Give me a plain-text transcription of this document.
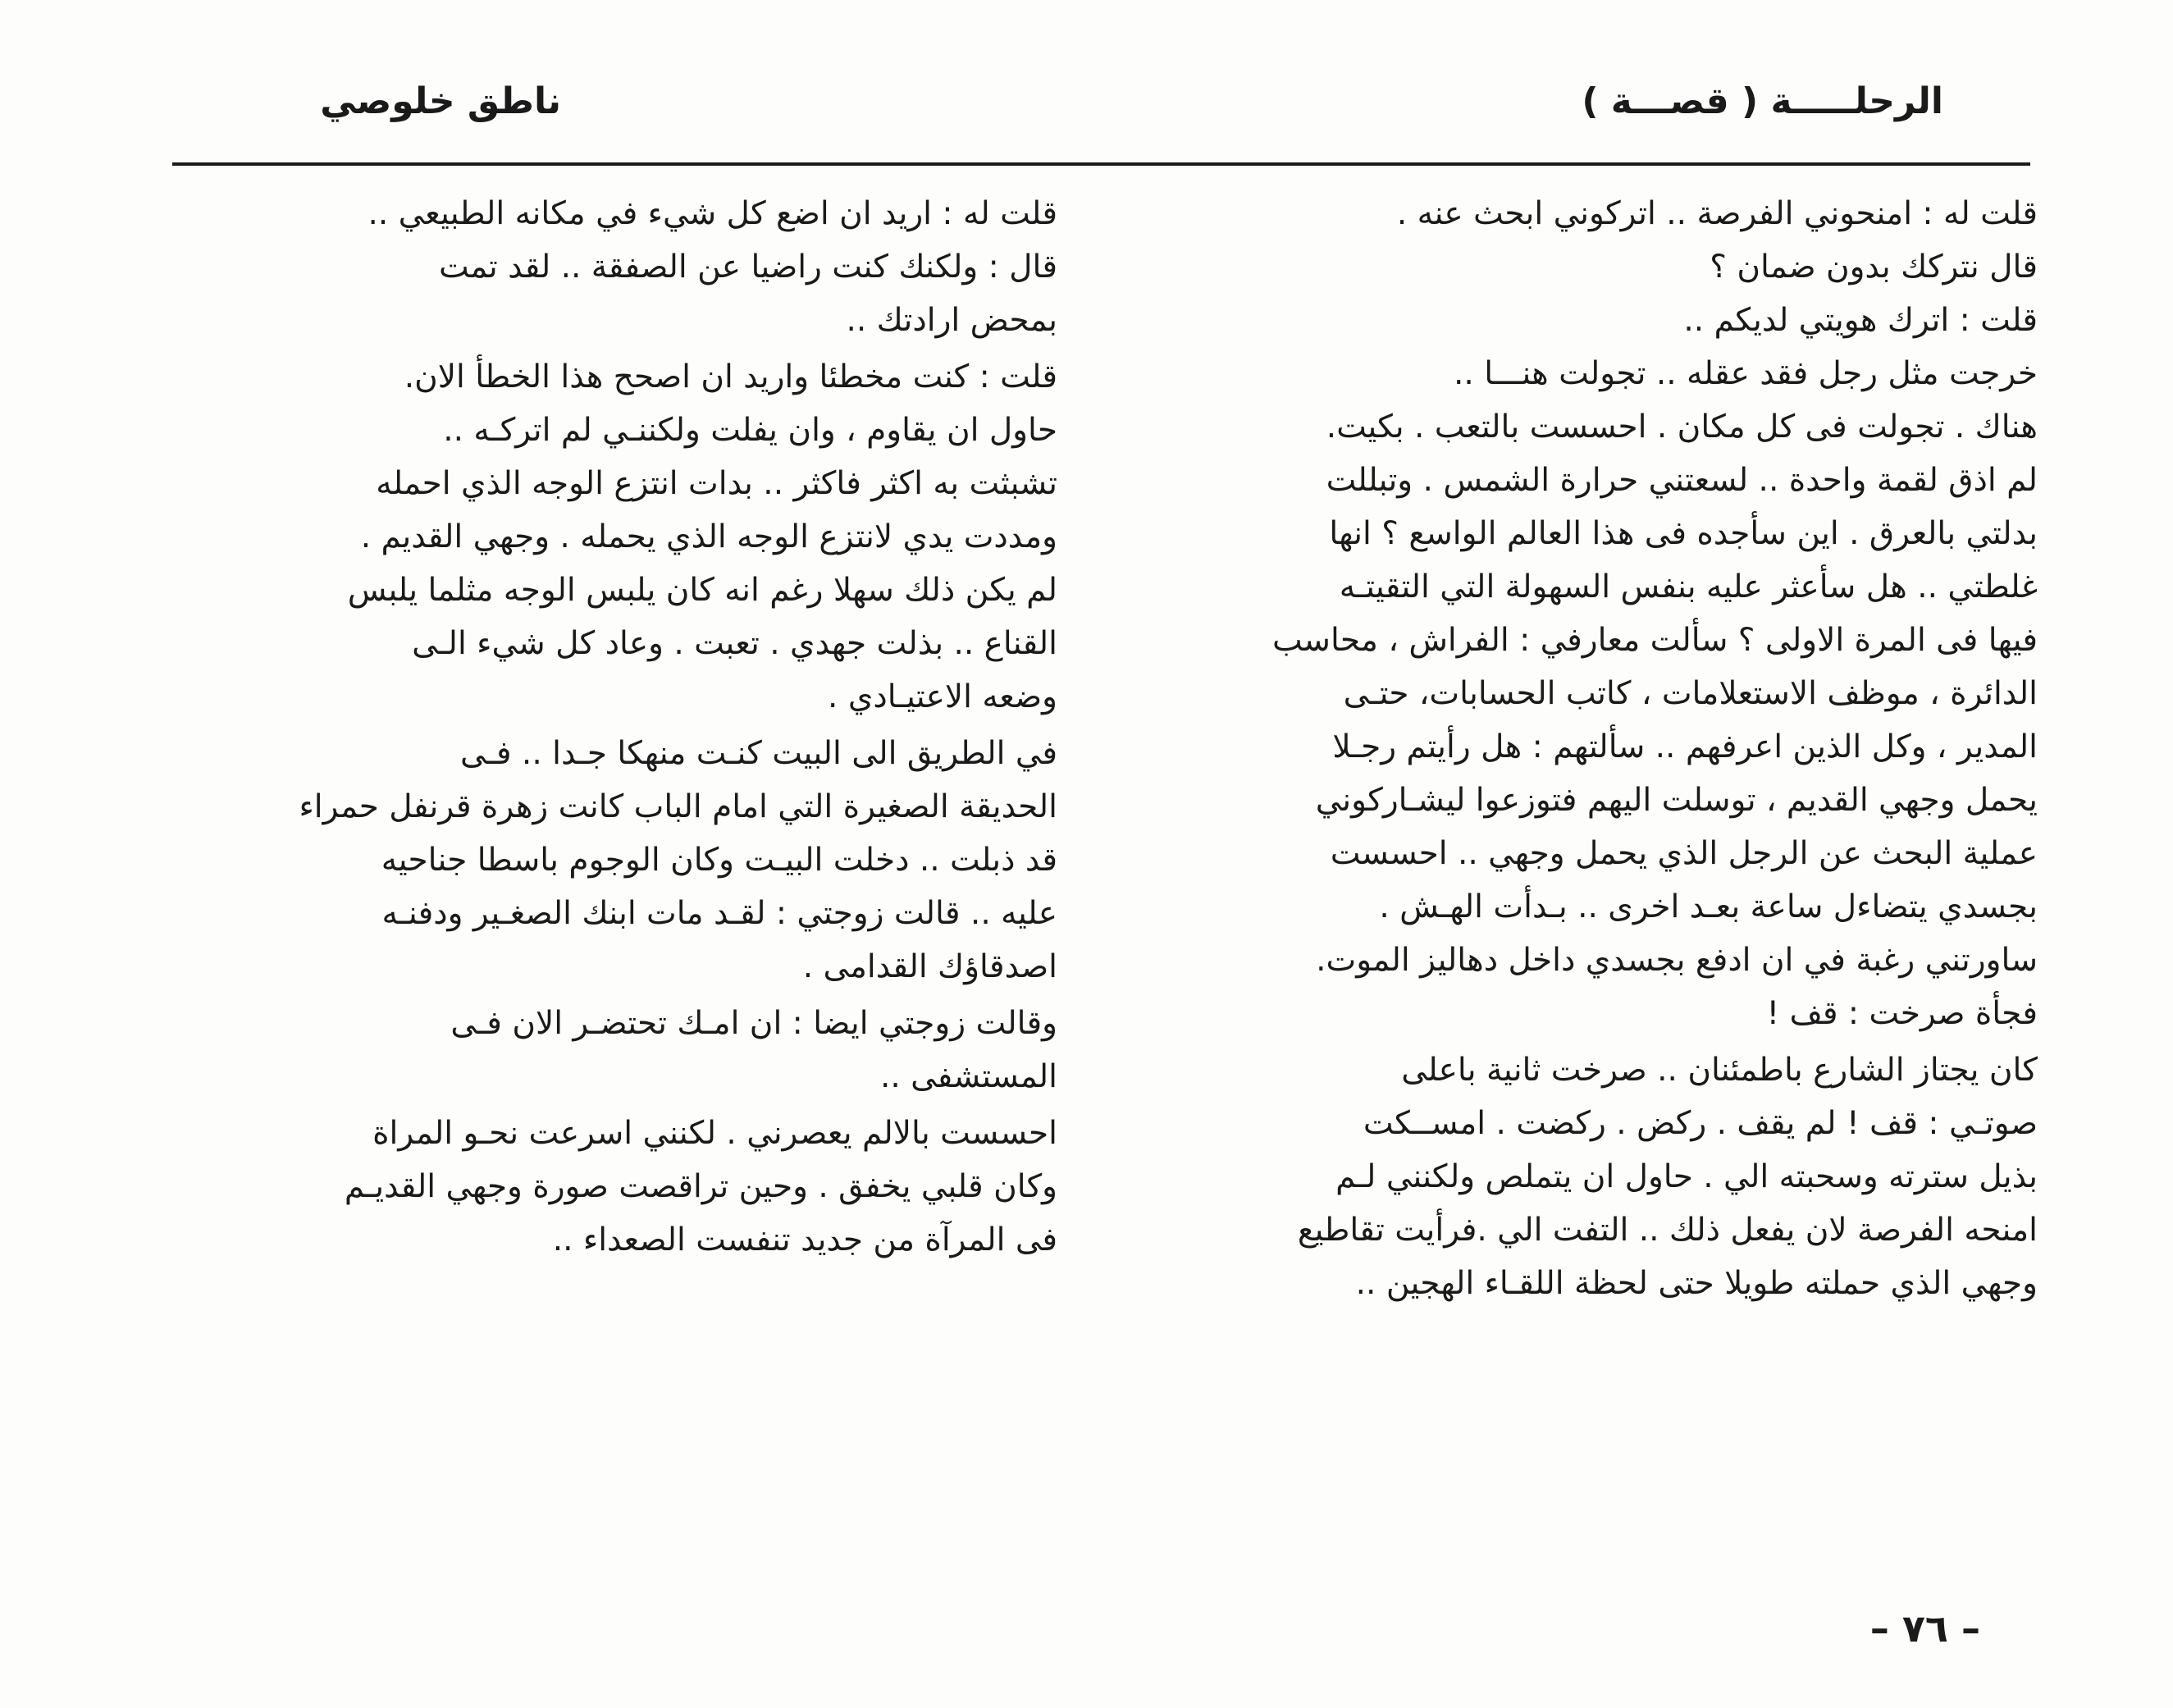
الرحلـــــة ( قصـــة )
ناطق خلوصي

قلت له : امنحوني الفرصة .. اتركوني ابحث عنه .
قال نتركك بدون ضمان ؟
قلت : اترك هويتي لديكم ..
خرجت مثل رجل فقد عقله .. تجولت هنـــا ..
هناك . تجولت فى كل مكان . احسست بالتعب . بكيت.
لم اذق لقمة واحدة .. لسعتني حرارة الشمس . وتبللت
بدلتي بالعرق . اين سأجده فى هذا العالم الواسع ؟ انها
غلطتي .. هل سأعثر عليه بنفس السهولة التي التقيتـه
فيها فى المرة الاولى ؟ سألت معارفي : الفراش ، محاسب
الدائرة ، موظف الاستعلامات ، كاتب الحسابات، حتـى
المدير ، وكل الذين اعرفهم .. سألتهم : هل رأيتم رجـلا
يحمل وجهي القديم ، توسلت اليهم فتوزعوا ليشـاركوني
عملية البحث عن الرجل الذي يحمل وجهي .. احسست
بجسدي يتضاءل ساعة بعـد اخرى .. بـدأت الهـش .
ساورتني رغبة في ان ادفع بجسدي داخل دهاليز الموت.
فجأة صرخت : قف !

كان يجتاز الشارع باطمئنان .. صرخت ثانية باعلى
صوتـي : قف ! لم يقف . ركض . ركضت . امســكت
بذيل سترته وسحبته الي . حاول ان يتملص ولكنني لـم
امنحه الفرصة لان يفعل ذلك .. التفت الي .فرأيت تقاطيع
وجهي الذي حملته طويلا حتى لحظة اللقـاء الهجين ..

قلت له : اريد ان اضع كل شيء في مكانه الطبيعي ..
قال : ولكنك كنت راضيا عن الصفقة .. لقد تمت
بمحض ارادتك ..

قلت : كنت مخطئا واريد ان اصحح هذا الخطأ الان.
حاول ان يقاوم ، وان يفلت ولكننـي لم اتركـه ..
تشبثت به اكثر فاكثر .. بدات انتزع الوجه الذي احمله
ومددت يدي لانتزع الوجه الذي يحمله . وجهي القديم .
لم يكن ذلك سهلا رغم انه كان يلبس الوجه مثلما يلبس
القناع .. بذلت جهدي . تعبت . وعاد كل شيء الـى
وضعه الاعتيـادي .

في الطريق الى البيت كنـت منهكا جـدا .. فـى
الحديقة الصغيرة التي امام الباب كانت زهرة قرنفل حمراء
قد ذبلت .. دخلت البيـت وكان الوجوم باسطا جناحيه
عليه .. قالت زوجتي : لقـد مات ابنك الصغـير ودفنـه
اصدقاؤك القدامى .

وقالت زوجتي ايضا : ان امـك تحتضـر الان فـى
المستشفى ..

احسست بالالم يعصرني . لكنني اسرعت نحـو المراة
وكان قلبي يخفق . وحين تراقصت صورة وجهي القديـم
فى المرآة من جديد تنفست الصعداء ..

– ٧٦ –
